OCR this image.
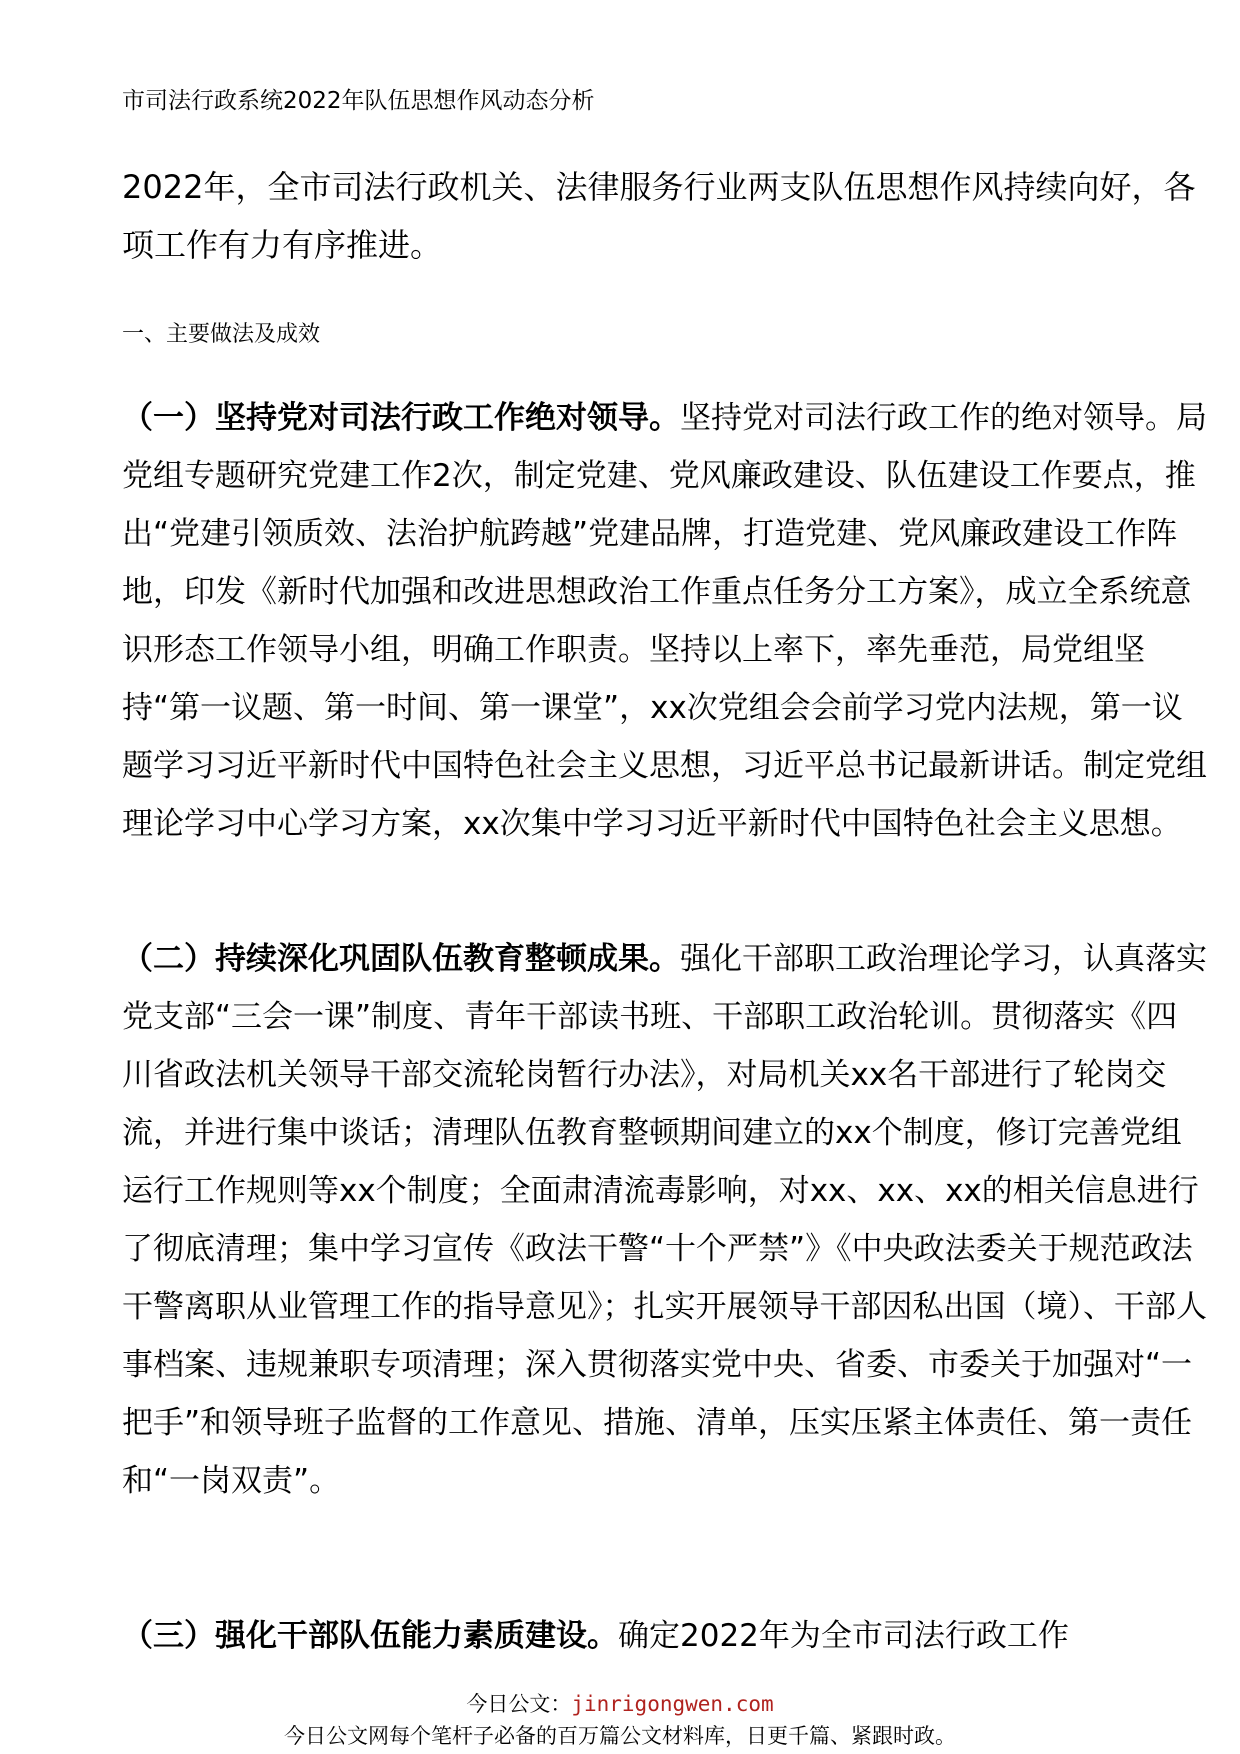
市司法行政系统2022年队伍思想作风动态分析
2022年，全市司法行政机关、法律服务行业两支队伍思想作风持续向好，各项工作有力有序推进。
一、主要做法及成效
（一）坚持党对司法行政工作绝对领导。坚持党对司法行政工作的绝对领导。局党组专题研究党建工作2次，制定党建、党风廉政建设、队伍建设工作要点，推出“党建引领质效、法治护航跨越”党建品牌，打造党建、党风廉政建设工作阵地，印发《新时代加强和改进思想政治工作重点任务分工方案》，成立全系统意识形态工作领导小组，明确工作职责。坚持以上率下，率先垂范，局党组坚持“第一议题、第一时间、第一课堂”，xx次党组会会前学习党内法规，第一议题学习习近平新时代中国特色社会主义思想，习近平总书记最新讲话。制定党组理论学习中心学习方案，xx次集中学习习近平新时代中国特色社会主义思想。
（二）持续深化巩固队伍教育整顿成果。强化干部职工政治理论学习，认真落实党支部“三会一课”制度、青年干部读书班、干部职工政治轮训。贯彻落实《四川省政法机关领导干部交流轮岗暂行办法》，对局机关xx名干部进行了轮岗交流，并进行集中谈话；清理队伍教育整顿期间建立的xx个制度，修订完善党组运行工作规则等xx个制度；全面肃清流毒影响，对xx、xx、xx的相关信息进行了彻底清理；集中学习宣传《政法干警“十个严禁”》《中央政法委关于规范政法干警离职从业管理工作的指导意见》；扎实开展领导干部因私出国（境）、干部人事档案、违规兼职专项清理；深入贯彻落实党中央、省委、市委关于加强对“一把手”和领导班子监督的工作意见、措施、清单，压实压紧主体责任、第一责任和“一岗双责”。
（三）强化干部队伍能力素质建设。确定2022年为全市司法行政工作
今日公文：jinrigongwen.com
今日公文网每个笔杆子必备的百万篇公文材料库，日更千篇、紧跟时政。
